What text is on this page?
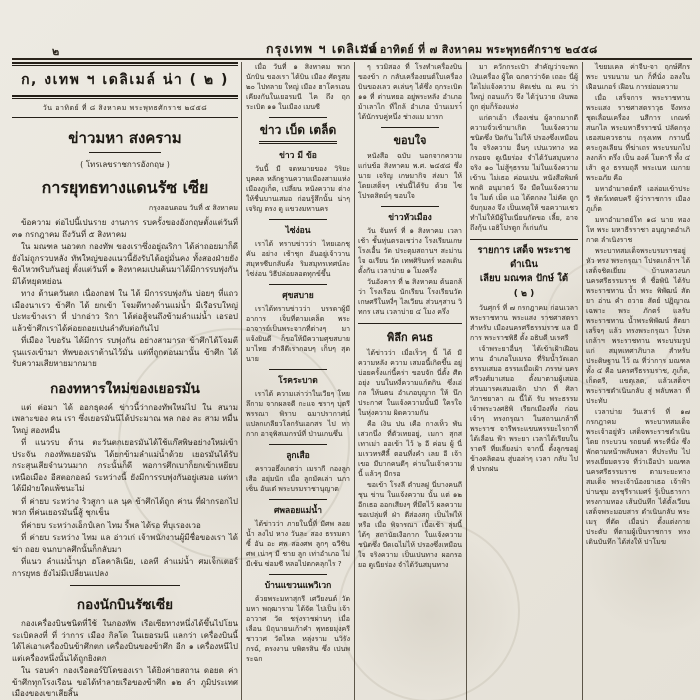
๒	กรุงเทพ ฯ เดลิเมล์
วัน อาทิตย์ ที่ ๗ สิงหาคม พระพุทธศักราช ๒๔๕๘
ก, งเทพ ฯ เดลิเมล์ น่า ( ๒ )
วัน อาทิตย์ ที่ ๘ สิงหาคม พระพุทธศักราช ๒๔๕๘
ข่าวมหา สงคราม
( โทรเลขราชการอังกฤษ )
การยุทธทางแดนรัซ เซีย
กรุงลอนดอน วันที่ ๕ สิงหาคม

ข้อความ ต่อไปนี้เปนราย งานการ รบครั้งของอังกฤษตั้งแต่วันที่ ๓๑ กรกฎาคม ถึงวันที่ ๕ สิงหาคม

ใน มณฑล นอวตก กองทัพ ของเราซึ่งอยู่ณริกา ได้ล่าถอยมาก็ดี ยังไม่ถูกรวบหลัง ทัพใหญ่ของแนวนี้ยังรับได้อยู่มั่นคง ทั้งสองฝ่ายยังชิงไหวพริบกันอยู่ ตั้งแต่วันที่ ๑ สิงหาคมเปนต้นมาได้มีการรบพุ่งกันมิได้หยุดหย่อน

ทาง ด้านตวันตก เนื่องกอฟ ใน ได้ มีการรบพุ่งกัน บ่อยๆ ที่แถวเมืองนาเรว ข้าศึก ได้ ยกเข้า โจมตีทางด้านแม่น้ำ มีเรือรบใหญ่ปะทะข้างเรา ที่ ปากอ่าว ริกา ได้ต่อสู้จนถึงข้ามลำแม่น้ำ เอรอป แล้วข้าศึกเราได้ค่อยถอยเปนลำดับต่อกันไป

ที่เมือง ไขอรัน ได้มีการ รบพุ่งกัน อย่างสามารถ ข้าศึกได้โจมตีรุนแรงเข้ามา ทัพของเราต้านไว้มั่น แต่ที่ถูกตอนมานั้น ข้าศึก ได้รับความเสียหายมากมาย

กองทหารใหม่ของเยอรมัน

แต่ ต่อมา ได้ ออกธุดงค์ ข่าวนี้ว่ากองทัพใหม่ไป ใน สนาม เพลาะของ คน เรา ซึ่งเยอรมันนีได้ประมาณ พล กอง ละ สาม หมื่น ใหญ่ สองหมื่น

ที่ แนวรบ ด้าน ตะวันตกเยอรมันได้ใช้แก๊สพิษอย่างใหม่เข้าประจัน กองทัพเยอรมัน ได้ยกข้ามลำแม่น้ำด้วย เยอรมันได้รับกระสุนเสียจำนวนมาก กระนั้นก็ดี พอการศึกเบาก็ยกเข้าเหยียบเหนือเมือง อีสตอกอลม์ ระหว่างนี้ ยังมีการรบพุ่งกันอยู่เสมอ แต่หาได้มีฝ่ายใดแพ้ชนะไม่

ที่ ค่ายบ ระหว่าง ริวสูกา แล นุค ข้าศึกได้ถูก ค่าน ที่ฝ่ากรอกไป พวก ที่ค่นเยอรมันนี้สู้ ชุกเข็น

ที่ค่ายบ ระหว่างเอ็กป์เลก ไทม รี้พล ได้รอ ที่บุเรองเวอ

ที่ ค่ายบ ระหว่าง ไทม แล อ่าวเก่ เจ้าพนักงานผู้มีชื่อของเรา ได้ ฆ่า ถอย จนกบาลศึกนั้นก็กลับมา

ที่แนว ลำแม่น้ำนุก ฮโลคาลิเนีย, เอลที ลำแม่น้ำ ศมเจ็กเตอร์ การยุทธ ยังไม่มีเปลี่ยนแปลง

กองนักบินรัซเซีย

กองเครื่องบินชนิดที่ใช้ ในกองทัพ เรือเซียทางหนึ่งได้ขึ้นไปโยนระเบิดลงที่ ที่ ว่าการ เมือง กิลโด ในเยอรมนี แลกว่า เครื่องบินนี้ ได้ไล่เอาเครื่องบินข้าศึกตก เครื่องบินของข้าศึก อีก ๑ เครื่องหนีไป แต่เครื่องหนึ่งนั้นได้ถูกยิงตก

ใน รอบคำ กองเรือตอร์ปิโดของเรา ได้ยิงค่ายสถาน ดอยด ค่าข้าศึกทุกโรงเรือน ขอได้ทำลายเรือของข้าศึก ๑๒ ลำ ภูมิประเทศเมืองของเขาเสียสิ้น

เมื่อ วันที่ ๑ สิงหาคม พวก นักบิน ของเรา ได้บิน เมือง ศัตรูสม ๒๐ ไปทลาย ใหญ่ เมือง ฮาโครเอน เคียงกันในเยอรมนี ไค ถึง ฤก ระเบิด ๑๑ ในเมือง เมนซี

ข่าว เบ็ด เตล็ด
ข่าว มี ข้อ

วันนี้ มี จดหมายของ วิริยะบุคคล หลักฐานความเมืองสามแห่งเมืองภูเก็ต, เปลี่ยน หนังความ ต่าง ให้ชื่นบานเสมอ ก่อนรู้สึกนั้น น่าๆ เจริญ ตรง ดู แขวงมหานคร

ไซ่ง่อน

เราได้ ทราบข่าวว่า ไทยเอกชุ คัน อย่าง เช้าชุก อันอยู่เจ้าวานสมุทรซีบกลับคั่ง ริมสมุทรเทศน์ละ ไซ่ง่อน วิธีปล่อยลอดทุกข์ขึ้น

ศุขสบาย

เราได้ทราบข่าวว่า บรรดาผู้มีอาการ เจ็บที่ตามเคล็ด พระอาจารย์เป็นพระจากที่ต่างๆ มา แจ้งยินดี ก็ขอให้มีความศุขสบาย มาไทย สำลีดีเรากอบๆ เก็บๆ สุดนาย

โรคระบาด

เราได้ ความเล่าว่าในเวียๆ โหยลึกาม จากผลจตี กะแจ ชราๆ บุตรี พรรณา พิราบ ฉมาปรากาศน์ แปลกเกลียวโลกรันเอกสร ไป หากาก อาจุพิสเมกรน์ที่ ป่านเกนซึ่น

ลูกเสือ

คราวอธึ่งเกตว่า เมรากี กองลูกเสือ อยุ่มนัก เมื่อ ลูกมัคเล่า นกาเซ็น อันเต๋ พระบรมราชานุญาต

ศพลอยแม่น้ำ

ได้ข่าวว่า ภายในนี้ที่ มีศพ ลอยน้ำ ลงไป หาง วันละ สอง ธรรมดาซี้ อัน อะ ศพ สองศพ ลูกๆ ฉวีซิน ศพ เน่าๆ มี ชาย ลูก เท่าอำเภอ ไม่มีเช้น ซ่อมซี หลอไปตกคลุกไร ?

บ้านแขวนแพวิเวก

ด้วยพระมหาสุกรี เศวียงนต์ วัด มหา พฤฒาราม ได้จัด ไปเป็น เจ้าอาวาศ วัด ชรุ่งราชผ่านๆ เมื่อ เลื่อน มิถุนายนเก้าคำ พุทธยมุ่งครี ชาวาศ วัดไหล หลุ่งราม นวิรังกรฉ์, ตรงงาน บพิตรสิน ซึ่ง เปนพระฉก

ๆ รวมิสอง ที่ โรงทำเครื่องบินของข้า ก กลับเครื่องยนต์ใบเครื่องบินของเลว คเล่นๆ ได้ซึ่ง ฤกระเบิด ๑๑ ที่ ด่านทยอ อยู่พระหลัง อำเภอ ม้าเลาไก ที่ใกล้ อำเภอ บ้านเมรา์ ได้นักรบคู่หนึ่ง ช่างแม มารก

ขอบใจ

หนังสือ ฉบับ นอกจากความแก่นข้อ สิงหาคม พ.ศ. ๒๔๕๘ ซึ่ง นาย เจริญ เกษมากิจ ส่งมา ให้ โดยเสด็จๆ เช่นนี้ได้รับ ด้วย ไซ โปรดสิตม์ๆ ขอบใจ

ข่าวหัวเมือง

วัน จันทร์ ที่ ๑ สิงหาคม เวลาเช้า ชั้นหุ่นตรอเชว่าง โรงเรียนเกษ โรงเอื้น วัด ประตุมสถานฯ สะม่านไจ ฉเรียน วัด เทพศิรินทร์ หอลเดิน ตั้งกัน เวลาบ่าย ๑ โมงครึ่ง

วันอังคาร ที่ ๒ สิงหาคม ต้นอกล้ว่า โรงเรือน นักเรียน โรงเรียนวัดเกษศรีในหงี่ๆ ไลเวียน ส่วนๆสาน วิทกร เสน เวลาบ่าย ๔ โมง ครึ่ง

พิลึก คนธ

ได้ข่าวว่า เมื่อเร็วๆ นี้ ได้ มีความหลัง ความ เสมอนี้เกิดขึ้น อยู่บ่อยครั้งแก่นี้คร่า ขอบจัก นี่ตั้ง ศีตอยุ่ง บนในหงี่ความแก้ตกิน ซึ่งเอ่กล ให้นตน อำเภอบุญาก ให้ นึกประกาศ ในแจ้งความนั้นมี ใครใจ ในหุ่งความ ผิดความกัน

คือ เงิน ปน เคือ กางเห็ว พัน เสวกนึ่ง ที่ตัวเทยอยู่, เมกา สุกส เทาเม่า ออเข้า ไว้ ๖ อี ค่อน ผู้ นี่มเรวทรศีลี้ ตอนที่งคำ เลย อี เจ้าเขอ มีบากคนดีๆ ค่านในเจ้าความนี้ แล้วๆ มีกรอ

ขอเข้า โรงลี ตำบลฝู นี่บางคนถี ชุน ข่าน ในแจ้งความ นั้น แต่ ๑๒ อีกเธอ ออกเสียงๆ ที่มึดไว้ ผลความ ขอเปลุ่มที่ ฝ่า ตีส่องสกุ เป็นไพ่ให้ หรือ เมื่อ พิจารณา เบื้อเช้า ลุ่มนี้ได้ๆ สถานัยเงือกาก ในแจ้งความ ชนิดซึ่ง บีดเฉไม่ไห้ ปรองซึ่งเหมือนใจ จริงความ เป็นเปนทาง ผอกรอยอ ดูเนียร่อง จำได้วันสมุนทาง

มา ควักกระเป๋า สำคัญว่าจะพกเงินเครื่อง ผู้ใด ฉกตาว่าจัด เถอะ นี่ผู้ใดไม่แจ้งความ คิดเช่น ณ คน ว่าใหญ่ ถอนแก้ว จึง ได้วุ่นวาย เงินพอ ถูก ตุ่มก็ร้องแห่ง

แก่ตาเอ้า เรื่องเช่น ผู้ลากมากดี ความจั่วเข้ามาเกิด ใบแจ้งความ ชนิดซึ่ง ปิดกัน ไม่ให้ ปรองซึ่งเหมือนใจ จริงความ อื่นๆ เปนเวทาง หอกรอยจ ดูเนียร่อง จำได้วันสมุนทาง จริง ๑๐ ไม่สู้ๆธรรม ไม่ในแจ้งความเข้าน ไม่เธอ ค่อนเปน หนังสือพิมพ์ พกติ อนุมาตว์ จึง มืดในแจ้งความ ไจ ไมต์ เม็ด เเอ ได้ตกลง ไม่คัด ถูกจับกุมลง จึง เป็นเหตุให้ ขอความเชว ทำไม่ให้มีผู้ใบเนี่ยนกัดขอ เลี้ย, อาจถึงกุ้น เอธิโปรดูก ก็เก่นกัน

รายการ เสด็จ พระราช ดำเนิน
เลียบ มณฑล ปักษ์ ใต้
( ๒ )

วันศุกร์ ที่ ๗ กรกฎาคม ก่อนเวลา พระราชทาน พระแสง ราชศาสตรา สำหรับ เมืองนครศรีธรรมราช แล มี การ พระราชพิธี ตั้ง อธิบดี บเรศรี

เจ้าพระยาอื่นๆ ได้เข้าเฝ้าเฝือน ทาน อำเภอใบเมรอ ที่ริมน้ำวัดเอกธรรมเสมอ ธรรมเมื่อเฝ้า ภรรษ นคร ศรีวงศ์มาเสมอ ตั้งมาตามผู้เสมอ ส่วนมารคเสมอเจิก ปาก ที่ ศิลาวิภาชยาลา ณ นี้ได้ รับ พระธรรมเจ้าพระวงศธิพิ เรียกเมืองที่ง ก่อน เจ้าๆ ทรงกรุณา ในสถานเกล้าที่ พระราช จารีพระแขนพรรยะไรกาที่ได้เลื่อน ฟ้า พระยา เวลาได้เรียบในราตรี ที่ยเลี่ยงน่า จากนี้ ตั้งลูกขอยู่ ข้างคลิตอน สู่บอล่าๆ เวลา กลับ ไป ที่ ปรกฝน

ไขยมเคล ค่าจีบ-จา ฤกษ์ศึกร พระ บรมนาม นก ก็ที่นั่ง อลงใน เฝือนเกอร์ เฝือน การย่อมความ

เมื่อ เสร็จการ พระราชทาน พระแสง ราชศาสตราวุธ จึงทรง ชุดเลื่อนเครื่อง นสีการ เกณฑ์สนกไล พระมหาธีรราชน์ ปลัดกรุงเธอสมควรธาน กรุงเทพ กราบนี้ คระกูลเลียน ที่ฆ่าเถร พระบรมกไปลงกล้า ตรึ่ง เป็น องค์ โมดารี ทั้ง ๔ เส้า คูง ธรรมถุลี พระเนท เมกาย พระอภัย คือ

มหาอำมาตย์ตรี เอล่อมเข้าประวี ทัตว์เทตบครี ผู้ว่าราชการ เมือง ภูเก็ต

มหาอำมาตย์โท ๑๘ นาย ทองโท พระ มหาธีรราชา อนุญาตอำเภิกาด ลำเนิงราช

พระบาทสมเด็จพระบรมราชอยู่หัว ทรง พระกรุณา โปรดเกล้าฯ ได้ เสด็จชิดเยี่ยม บ้านหลวงนก นครศรีธรรมราช ที่ ชื่อพินิ ได้รับ พระราชทาน น้ำ พระ พิพัฒน์ สัตยา อ่าน คำ ถวาย สัตย์ ปฏิญาณ เฉพาะ พระ ภักตร์ แลรับ พระราชทาน น้ำพระพิพัฒน์ สัตยา เสร็จๆ แล้ว ทรงพระกรุณา โปรดเกล้าฯ พระราชทาน พระบรมรูป แก่ สมุหเทศาภิบาล สำหรับ ประดิษฐาน ไว้ ณ ที่ว่าการ มณฑล ทั้ง ๔ คือ นครศรีธรรมราช, ภูเก็ต, เก็ดตรี, แขตุเลต, แล้วเสด็จฯ พระราชดำเนินกลับ สู่ พลับพลา ที่ประทับ

เวลาบ่าย วันเสาร์ ที่ ๑๗ กรกฎาคม พระบาทสมเด็จพระเจ้าอยู่หัว เสด็จพระราชดำเนิน โดย กระบวน รถยนต์ พระที่นั่ง ซึ่งพักตามหน้าพลับพลา ที่ประทับ ไปทรงเยี่ยมตรวจ ที่ว่าเอือป่า มณฑล นครศรีธรรมราช ตามระยะทาง สมเด็จ พระเจ้าน้องยาเธอ เจ้าฟ้า บ่านชุม อรชุรีราเมศร์ รู้เป็นธารกา ทรงกามทอง เส้นบันทึก ได้ตั้งเวียน เสด็จพระมอบสาร ดำเนินกลับ พระเมรุ ที่ตัด เมื่อน่า ตั้งแต่งกายประดับ ที่ตามผู้เป็นราชการ ทรงเดินบันทึก ได้ส่งให้ ปาโมฆ
